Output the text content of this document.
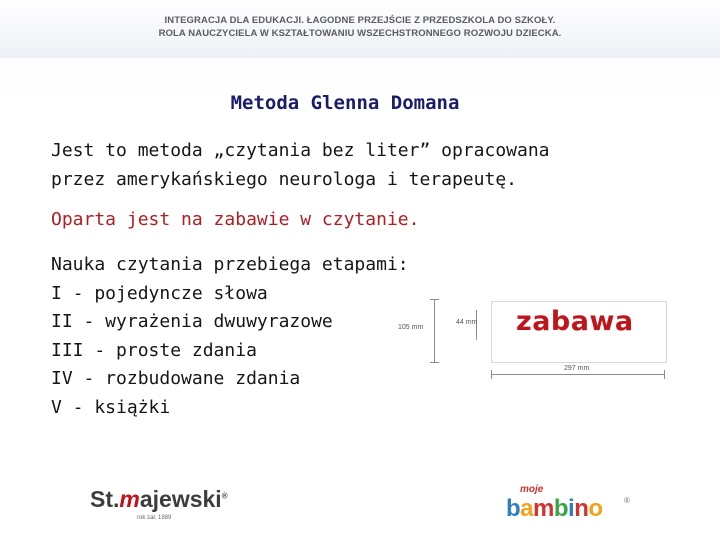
INTEGRACJA DLA EDUKACJI. ŁAGODNE PRZEJŚCIE Z PRZEDSZKOLA DO SZKOŁY.
ROLA NAUCZYCIELA W KSZTAŁTOWANIU WSZECHSTRONNEGO ROZWOJU DZIECKA.
Metoda Glenna Domana
Jest to metoda „czytania bez liter” opracowana
przez amerykańskiego neurologa i terapeutę.
Oparta jest na zabawie w czytanie.
Nauka czytania przebiega etapami:
I - pojedyncze słowa
II - wyrażenia dwuwyrazowe
III - proste zdania
IV - rozbudowane zdania
V - książki
105 mm
44 mm zabawa
297 mm
St.majewski®
rok zał. 1989
moje
bambino	®
